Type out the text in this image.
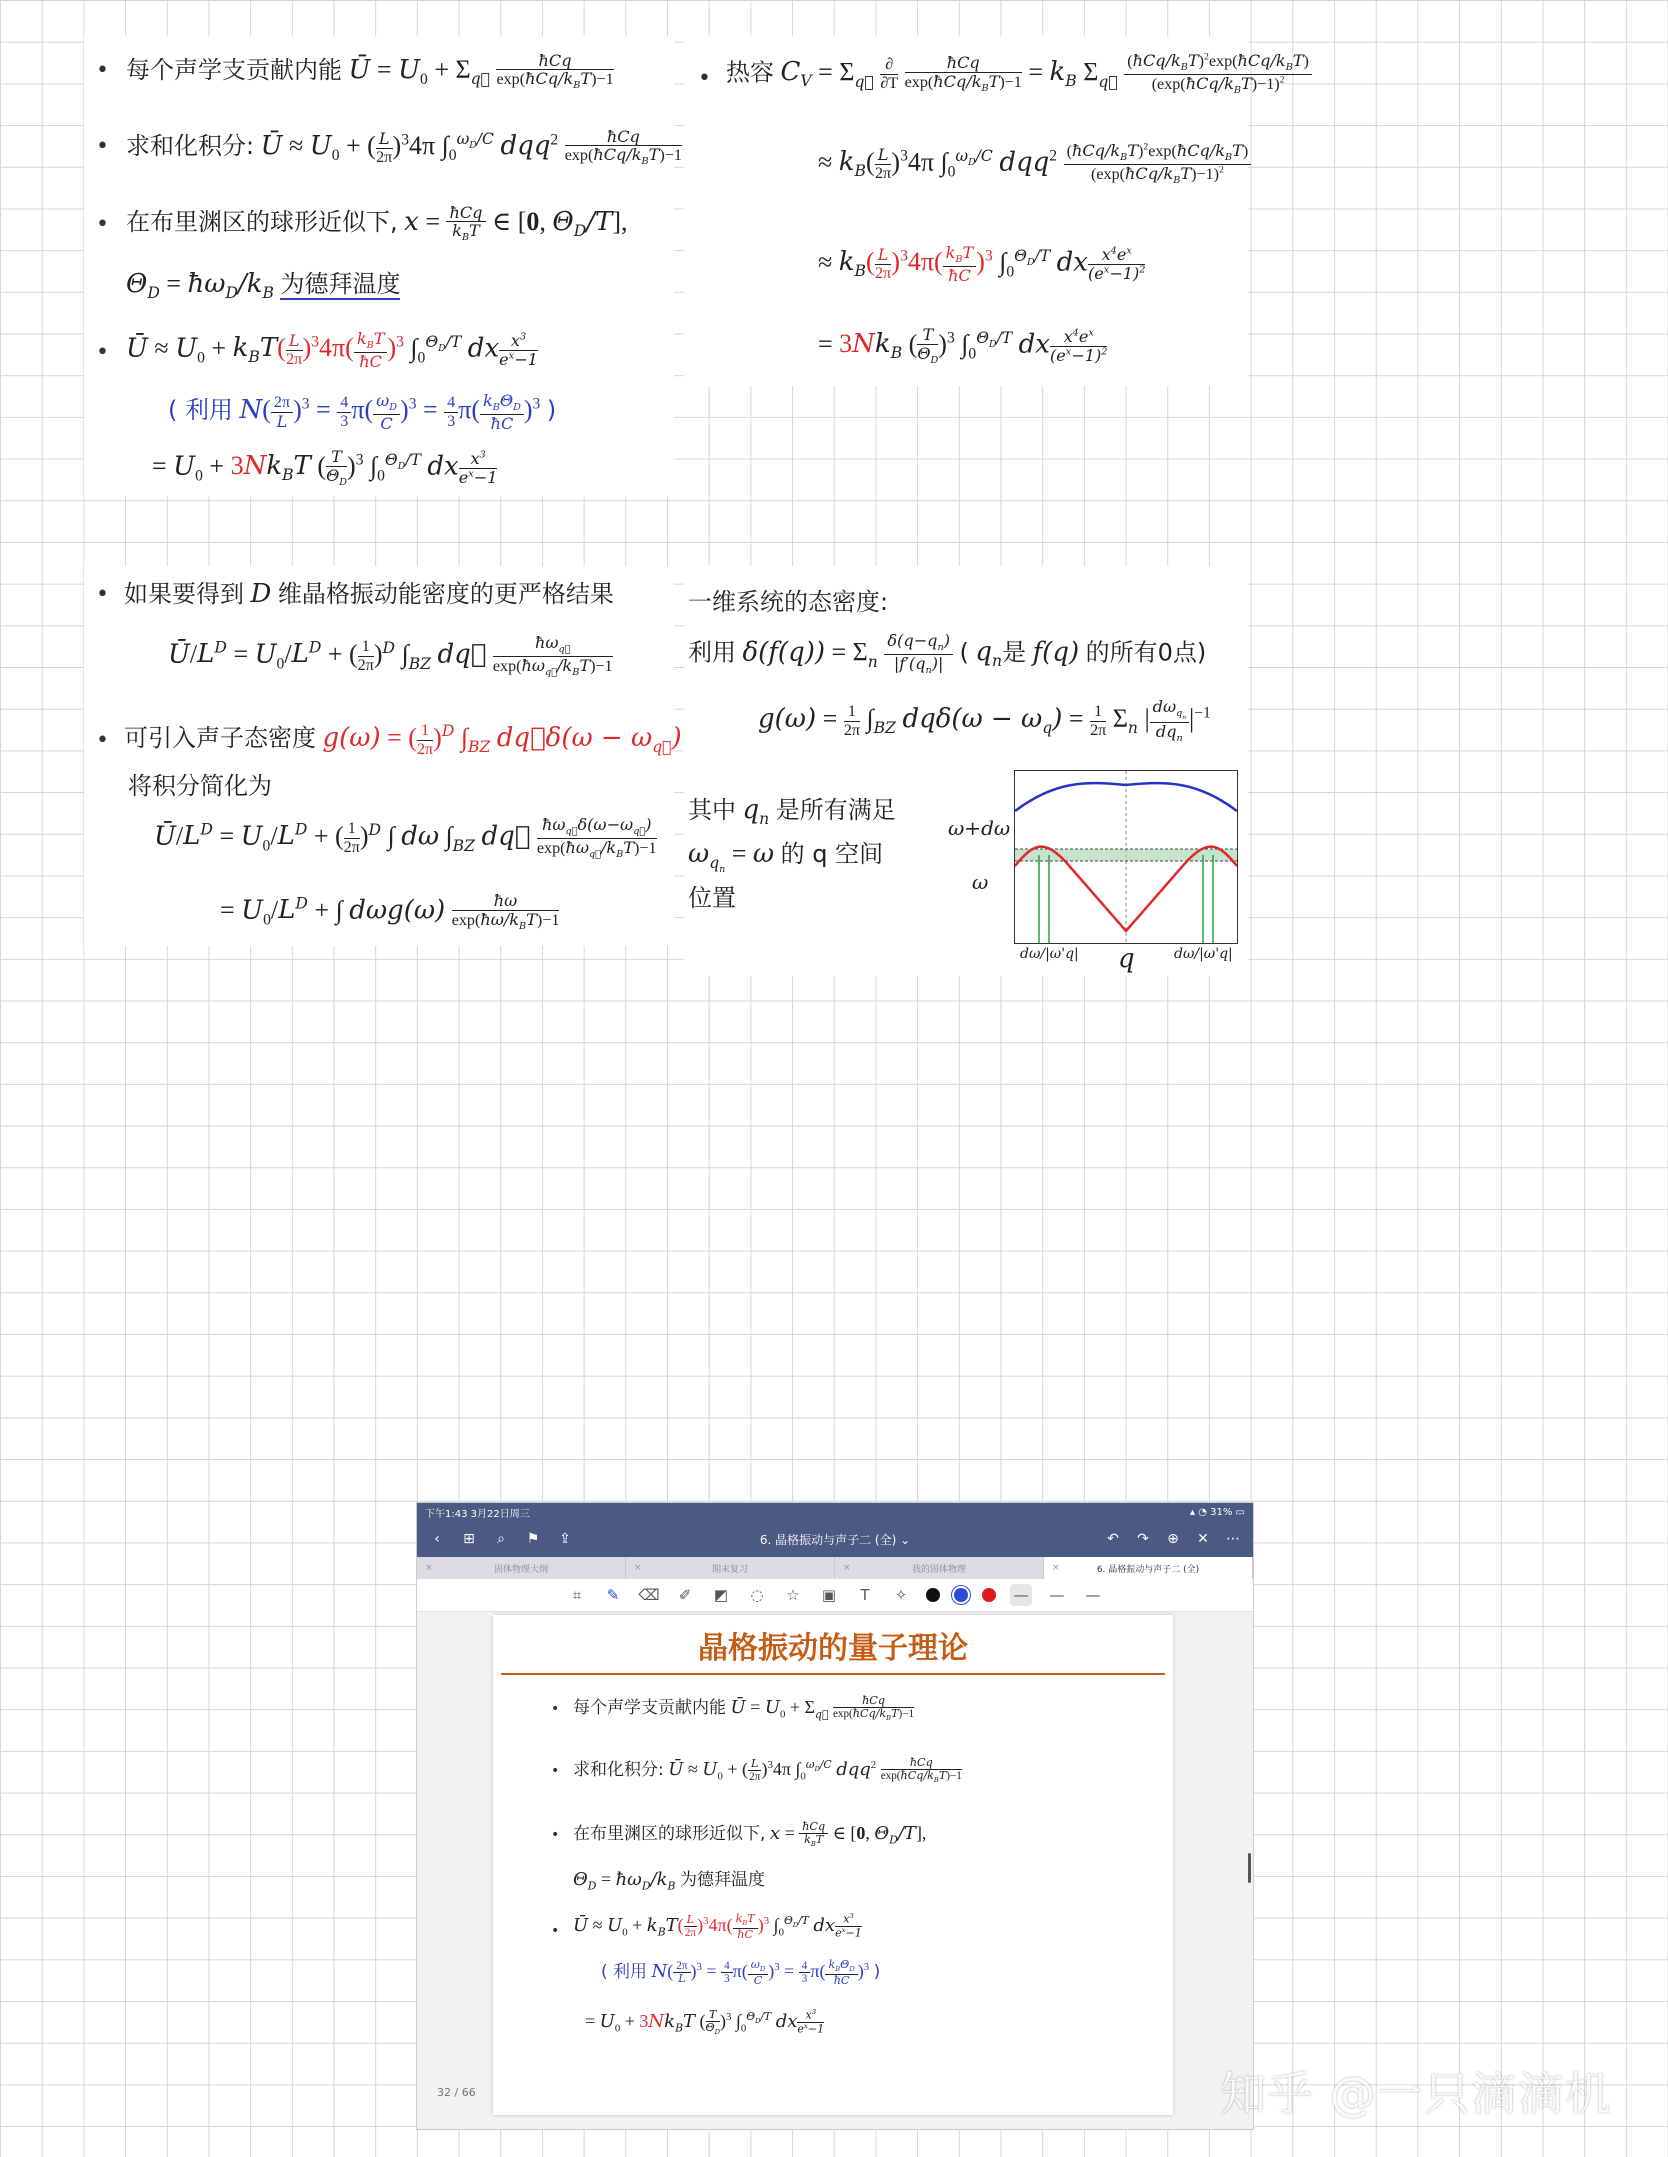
• 每个声学支贡献内能 Ū = $U_0 + \Sigma_{q⃗} \frac{\text{ħCq}}{\exp(ħCq/k_BT)-1}$
• 求和化积分: Ū ≈ $U_0$ + ( $\frac{L}{2\pi} )^34\pi$ $\int_0^{\omega_D/C}$ $dqq^2 \frac{\text{ħCq}}{\exp(ħCq/k_BT)-1}$
• 在布里渊区的球形近似下, $x = \frac{\text{ħCq}}{k_BT}$ ∈ [0, $\Theta_D/T$],
$\Theta_D$ = $ħ\omega_D/k_B$ 为德拜温度
• Ū ≈ $U_0 + k_BT( \frac{L}{2\pi} )^34\pi( \frac{k_BT}{ħC} )^3$ $\int_0^{\Theta_D/T}$ dx $\frac{x^3}{e^x-1}$
( 利用 $N( \frac{2\pi}{L} )^3 = \frac{4}{3} \pi( \frac{\omega_D}{C} )^3 = \frac{4}{3} \pi( \frac{k_B\Theta_D}{ħC} )^3$ )
= $U_0 + 3Nk_BT$ ( $\frac{T}{\Theta_D} )^3$ $\int_0^{\Theta_D/T}$ dx $\frac{x^3}{e^x-1}$
• 热容 $C_V = \Sigma_{q⃗} \frac{\partial}{\partial T}$
$\frac{\text{ħCq}}{\exp(ħCq/k_BT)-1} = k_B$ $\Sigma_{q⃗} \frac{(ħCq/k_BT)^2\exp(ħCq/k_BT)}{(\exp(ħCq/k_BT)-1)^2}$
≈ $k_B( \frac{L}{2\pi} )^34\pi$ $\int_0^{\omega_D/C}$ $dqq^2 \frac{(ħCq/k_BT)^2\exp(ħCq/k_BT)}{(\exp(ħCq/k_BT)-1)^2}$
≈ $k_B( \frac{L}{2\pi} )^34\pi( \frac{k_BT}{ħC} )^3$ $\int_0^{\Theta_D/T}$ dx $\frac{x^4e^x}{(e^x-1)^2}$
= $3Nk_B$ ( $\frac{T}{\Theta_D} )^3$ $\int_0^{\Theta_D/T}$ dx $\frac{x^4e^x}{(e^x-1)^2}$
• 如果要得到 D 维晶格振动能密度的更严格结果
$Ū/L^D = U_0/L^D$ + ( $\frac{1}{2\pi} )^D$ $\int_{BZ}$ dq⃗ $\frac{ħ\omega_{q⃗}}{\exp(ħ\omega_{q⃗}/k_BT)-1}$
• 可引入声子态密度 g(ω) = ( $\frac{1}{2\pi} )^D$ $\int_{BZ}$ dq⃗δ(ω − $\omega_{q⃗}$)
将积分简化为
$Ū/L^D = U_0/L^D$ + ( $\frac{1}{2\pi} )^D$ ∫ dω $\int_{BZ}$ dq⃗ $\frac{ħ\omega_{q⃗}\delta(\omega-\omega_{q⃗})}{\exp(ħ\omega_{q⃗}/k_BT)-1}$
= $U_0/L^D$ + ∫ $d\omega g(\omega) \frac{ħ\omega}{\exp(ħ\omega/k_BT)-1}$
一维系统的态密度:
利用 $\delta(f(q)) = \Sigma_n \frac{\delta(q-q_n)}{|f'(q_n)|}$ ( $q_n$是 f(q) 的所有0点)
$g(\omega) = \frac{1}{2\pi} \int_{BZ}$ $dq\delta(\omega - \omega_q) = \frac{1}{2\pi} \Sigma_n$ | $\frac{d\omega_{q_n}}{dq_n} |^{-1}$
其中 $q_n$ 是所有满足
$\omega_{q_n} = \omega$ 的 q 空间
位置
ω+dω
ω
dω/|ω'q| q	dω/|ω'q|
下午1:43 3月22日周三	▴ ◔ 31% ▭
‹	⊞ ⌕ ⚑ ⇪	6. 晶格振动与声子二 (全) ⌄	↶ ↷ ⊕ ✕ ⋯
×	固体物理大纲	×	期末复习	×	我的固体物理	×	6. 晶格振动与声子二 (全)
⌗	✎	⌫	✐	◩ ◌ ☆ ▣	T	✧	— — —
晶格振动的量子理论
• 每个声学支贡献内能 Ū = $U_0 + \Sigma_{q⃗} \frac{\text{ħCq}}{\exp(ħCq/k_BT)-1}$
• 求和化积分: Ū ≈ $U_0$ + ( $\frac{L}{2\pi} )^34\pi$ $\int_0^{\omega_D/C}$ $dqq^2 \frac{\text{ħCq}}{\exp(ħCq/k_BT)-1}$
• 在布里渊区的球形近似下, $x = \frac{\text{ħCq}}{k_BT}$ ∈ [0, $\Theta_D/T$],
$\Theta_D$ = $ħ\omega_D/k_B$ 为德拜温度
• Ū ≈ $U_0 + k_BT( \frac{L}{2\pi} )^34\pi( \frac{k_BT}{ħC} )^3$ $\int_0^{\Theta_D/T}$ dx $\frac{x^3}{e^x-1}$
( 利用 $N( \frac{2\pi}{L} )^3 = \frac{4}{3} \pi( \frac{\omega_D}{C} )^3 = \frac{4}{3} \pi( \frac{k_B\Theta_D}{ħC} )^3$ )
= $U_0 + 3Nk_BT$ ( $\frac{T}{\Theta_D} )^3$ $\int_0^{\Theta_D/T}$ dx $\frac{x^3}{e^x-1}$
32 / 66	知乎 @一只滴滴机
